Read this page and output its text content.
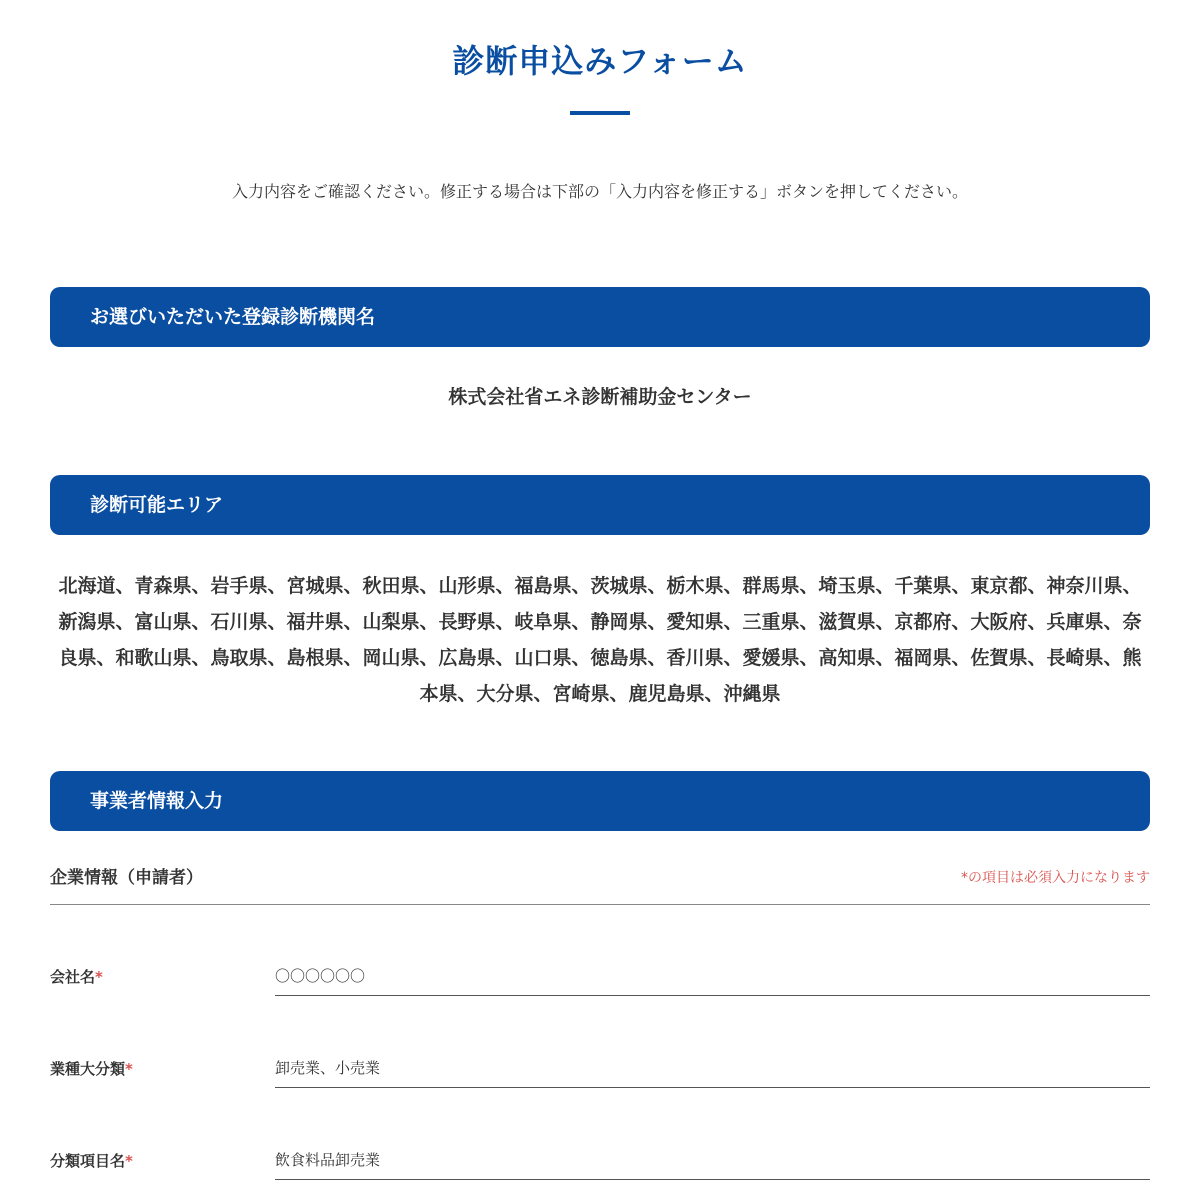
診断申込みフォーム
入力内容をご確認ください。修正する場合は下部の「入力内容を修正する」ボタンを押してください。
お選びいただいた登録診断機関名
株式会社省エネ診断補助金センター
診断可能エリア
北海道、青森県、岩手県、宮城県、秋田県、山形県、福島県、茨城県、栃木県、群馬県、埼玉県、千葉県、東京都、神奈川県、新潟県、富山県、石川県、福井県、山梨県、長野県、岐阜県、静岡県、愛知県、三重県、滋賀県、京都府、大阪府、兵庫県、奈良県、和歌山県、鳥取県、島根県、岡山県、広島県、山口県、徳島県、香川県、愛媛県、高知県、福岡県、佐賀県、長崎県、熊本県、大分県、宮崎県、鹿児島県、沖縄県
事業者情報入力
企業情報（申請者）	*の項目は必須入力になります
会社名*	〇〇〇〇〇〇
業種大分類*	卸売業、小売業
分類項目名*	飲食料品卸売業
